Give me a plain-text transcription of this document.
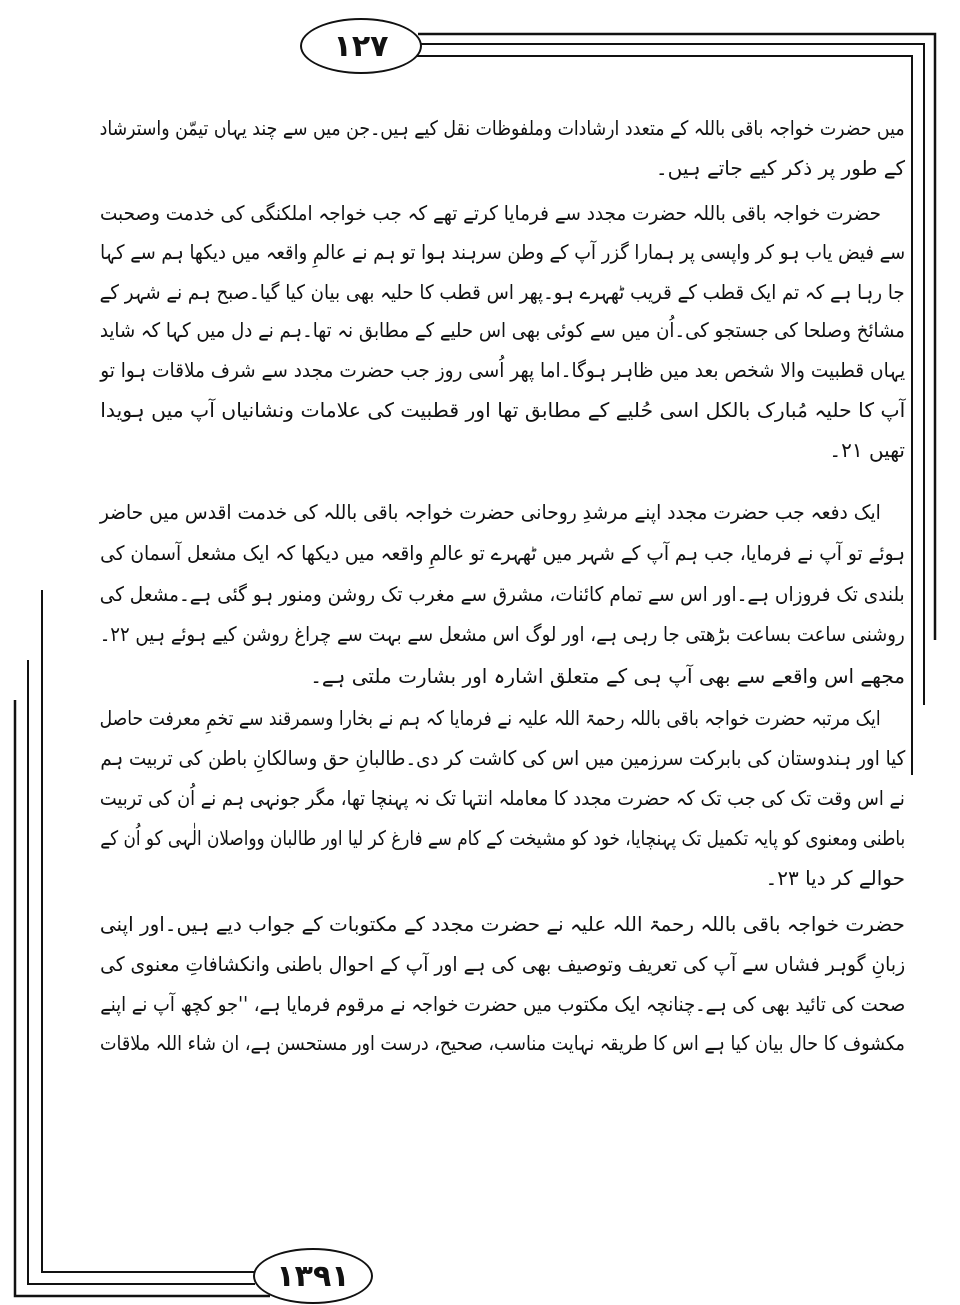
۱۲۷
۱۳۹۱
میں حضرت خواجہ باقی باللہ کے متعدد ارشادات وملفوظات نقل کیے ہیں۔جن میں سے چند یہاں تیمّن واسترشاد
کے طور پر ذکر کیے جاتے ہیں۔
حضرت خواجہ باقی باللہ حضرت مجدد سے فرمایا کرتے تھے کہ جب خواجہ املکنگی کی خدمت وصحبت
سے فیض یاب ہو کر واپسی پر ہمارا گزر آپ کے وطن سرہند ہوا تو ہم نے عالمِ واقعہ میں دیکھا ہم سے کہا
جا رہا ہے کہ تم ایک قطب کے قریب ٹھہرے ہو۔پھر اس قطب کا حلیہ بھی بیان کیا گیا۔صبح ہم نے شہر کے
مشائخ وصلحا کی جستجو کی۔اُن میں سے کوئی بھی اس حلیے کے مطابق نہ تھا۔ہم نے دل میں کہا کہ شاید
یہاں قطبیت والا شخص بعد میں ظاہر ہوگا۔اما پھر اُسی روز جب حضرت مجدد سے شرف ملاقات ہوا تو
آپ کا حلیہ مُبارک بالکل اسی حُلیے کے مطابق تھا اور قطبیت کی علامات ونشانیاں آپ میں ہویدا
تھیں ۲۱۔
ایک دفعہ جب حضرت مجدد اپنے مرشدِ روحانی حضرت خواجہ باقی باللہ کی خدمت اقدس میں حاضر
ہوئے تو آپ نے فرمایا، جب ہم آپ کے شہر میں ٹھہرے تو عالمِ واقعہ میں دیکھا کہ ایک مشعل آسمان کی
بلندی تک فروزاں ہے۔اور اس سے تمام کائنات، مشرق سے مغرب تک روشن ومنور ہو گئی ہے۔مشعل کی
روشنی ساعت بساعت بڑھتی جا رہی ہے، اور لوگ اس مشعل سے بہت سے چراغ روشن کیے ہوئے ہیں ۲۲۔
مجھے اس واقعے سے بھی آپ ہی کے متعلق اشارہ اور بشارت ملتی ہے۔
ایک مرتبہ حضرت خواجہ باقی باللہ رحمۃ اللہ علیہ نے فرمایا کہ ہم نے بخارا وسمرقند سے تخمِ معرفت حاصل
کیا اور ہندوستان کی بابرکت سرزمین میں اس کی کاشت کر دی۔طالبانِ حق وسالکانِ باطن کی تربیت ہم
نے اس وقت تک کی جب تک کہ حضرت مجدد کا معاملہ انتہا تک نہ پہنچا تھا، مگر جونہی ہم نے اُن کی تربیت
باطنی ومعنوی کو پایہ تکمیل تک پہنچایا، خود کو مشیخت کے کام سے فارغ کر لیا اور طالبان وواصلان الٰہی کو اُن کے
حوالے کر دیا ۲۳۔
حضرت خواجہ باقی باللہ رحمۃ اللہ علیہ نے حضرت مجدد کے مکتوبات کے جواب دیے ہیں۔اور اپنی
زبانِ گوہر فشاں سے آپ کی تعریف وتوصیف بھی کی ہے اور آپ کے احوال باطنی وانکشافاتِ معنوی کی
صحت کی تائید بھی کی ہے۔چنانچہ ایک مکتوب میں حضرت خواجہ نے مرقوم فرمایا ہے، ''جو کچھ آپ نے اپنے
مکشوف کا حال بیان کیا ہے اس کا طریقہ نہایت مناسب، صحیح، درست اور مستحسن ہے، ان شاء اللہ ملاقات
